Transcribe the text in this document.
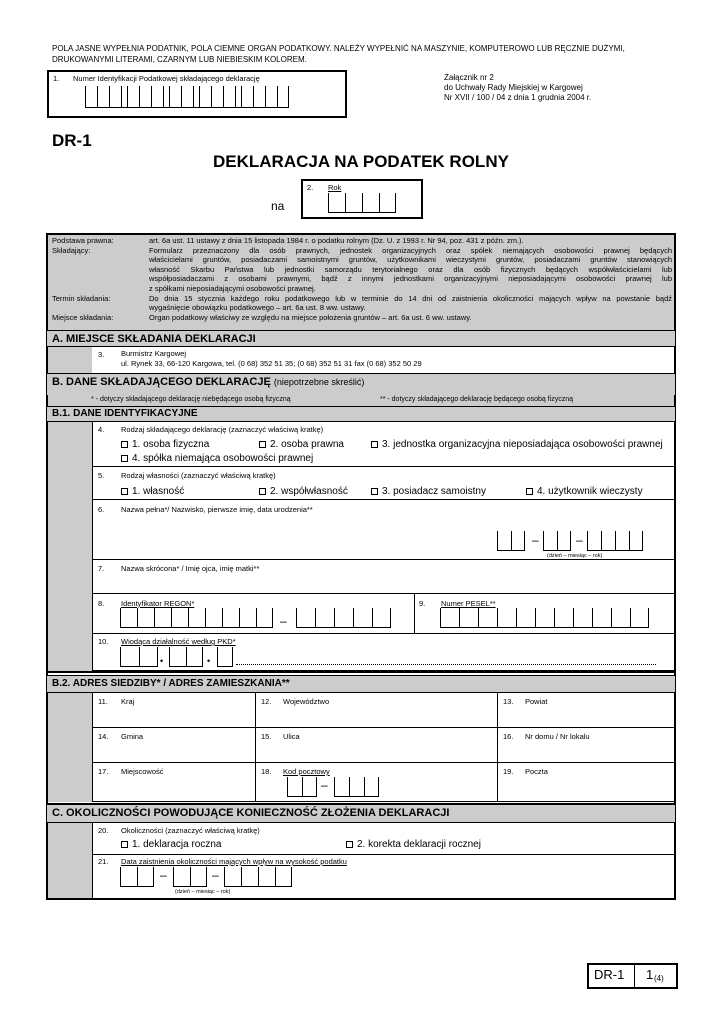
POLA JASNE WYPEŁNIA PODATNIK, POLA CIEMNE ORGAN PODATKOWY. NALEŻY WYPEŁNIĆ NA MASZYNIE, KOMPUTEROWO LUB RĘCZNIE DUŻYMI, DRUKOWANYMI LITERAMI, CZARNYM LUB NIEBIESKIM KOLOREM.
1. Numer Identyfikacji Podatkowej składającego deklarację	Załącznik nr 2
do Uchwały Rady Miejskiej w Kargowej
Nr XVII / 100 / 04 z dnia 1 grudnia 2004 r.
DR-1
DEKLARACJA NA PODATEK ROLNY
na
2. Rok
Podstawa prawna:	art. 6a ust. 11 ustawy z dnia 15 listopada 1984 r. o podatku rolnym (Dz. U. z 1993 r. Nr 94, poz. 431 z późn. zm.).
Składający:	Formularz przeznaczony dla osób prawnych, jednostek organizacyjnych oraz spółek niemających osobowości prawnej będących
właścicielami gruntów, posiadaczami samoistnymi gruntów, użytkownikami wieczystymi gruntów, posiadaczami gruntów stanowiących
własność Skarbu Państwa lub jednostki samorządu terytorialnego oraz dla osób fizycznych będących współwłaścicielami lub
współposiadaczami z osobami prawnymi, bądź z innymi jednostkami organizacyjnymi nieposiadającymi osobowości prawnej lub
z spółkami nieposiadającymi osobowości prawnej.
Termin składania:	Do dnia 15 stycznia każdego roku podatkowego lub w terminie do 14 dni od zaistnienia okoliczności mających wpływ na powstanie bądź
wygaśnięcie obowiązku podatkowego – art. 6a ust. 8 ww. ustawy.
Miejsce składania:	Organ podatkowy właściwy ze względu na miejsce położenia gruntów – art. 6a ust. 6 ww. ustawy.
A. MIEJSCE SKŁADANIA DEKLARACJI
3. Burmistrz Kargowej
ul. Rynek 33, 66-120 Kargowa, tel. (0 68) 352 51 35; (0 68) 352 51 31 fax (0 68) 352 50 29
B. DANE SKŁADAJĄCEGO DEKLARACJĘ (niepotrzebne skreślić)
* - dotyczy składającego deklarację niebędącego osobą fizyczną	** - dotyczy składającego deklarację będącego osobą fizyczną
B.1. DANE IDENTYFIKACYJNE
4. Rodzaj składającego deklarację (zaznaczyć właściwą kratkę)
1. osoba fizyczna	2. osoba prawna	3. jednostka organizacyjna nieposiadająca osobowości prawnej
4. spółka niemająca osobowości prawnej
5. Rodzaj własności (zaznaczyć właściwą kratkę)
1. własność	2. współwłasność	3. posiadacz samoistny	4. użytkownik wieczysty
6. Nazwa pełna*/ Nazwisko, pierwsze imię, data urodzenia**
–	–
(dzień – miesiąc – rok)
7. Nazwa skrócona* / Imię ojca, imię matki**
8. Identyfikator REGON*
–
9. Numer PESEL**
10. Wiodąca działalność według PKD*
•	•
B.2. ADRES SIEDZIBY* / ADRES ZAMIESZKANIA**
11. Kraj	12. Województwo	13. Powiat
14. Gmina	15. Ulica	16. Nr domu / Nr lokalu
17. Miejscowość	18. Kod pocztowy
–
19. Poczta
C. OKOLICZNOŚCI POWODUJĄCE KONIECZNOŚĆ ZŁOŻENIA DEKLARACJI
20. Okoliczności (zaznaczyć właściwą kratkę)
1. deklaracja roczna	2. korekta deklaracji rocznej
21. Data zaistnienia okoliczności mających wpływ na wysokość podatku
–	–
(dzień – miesiąc – rok)
DR-1 1 (4)
